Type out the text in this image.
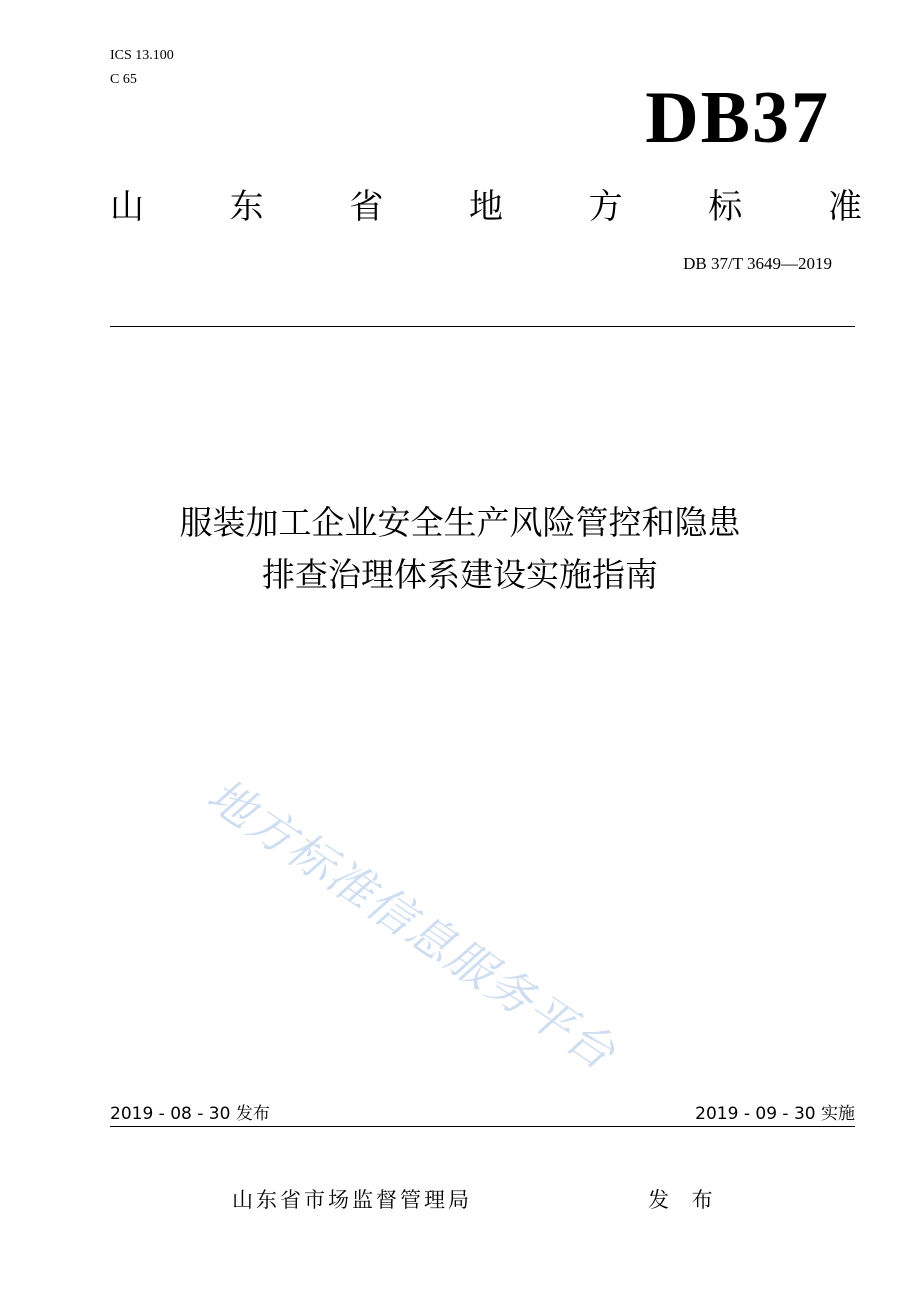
ICS 13.100
C 65	DB37
山	东	省	地	方	标	准
DB 37/T 3649—2019
服装加工企业安全生产风险管控和隐患
排查治理体系建设实施指南
地方标准信息服务平台
2019 - 08 - 30 发布	2019 - 09 - 30 实施
山东省市场监督管理局	发 布
